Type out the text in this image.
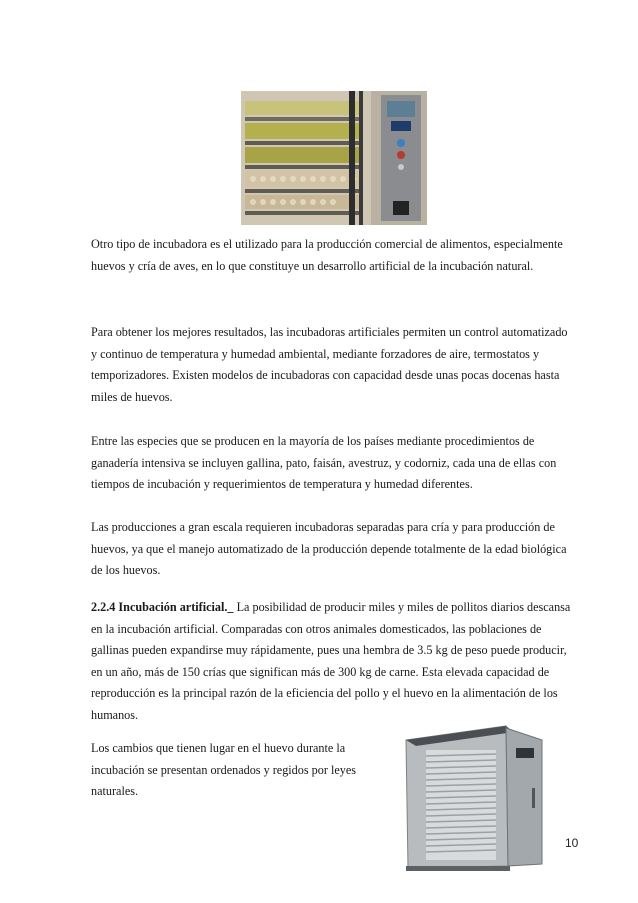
Otro tipo de incubadora es el utilizado para la producción comercial de alimentos, especialmente huevos y cría de aves, en lo que constituye un desarrollo artificial de la incubación natural.

Para obtener los mejores resultados, las incubadoras artificiales permiten un control automatizado y continuo de temperatura y humedad ambiental, mediante forzadores de aire, termostatos y temporizadores. Existen modelos de incubadoras con capacidad desde unas pocas docenas hasta miles de huevos.

Entre las especies que se producen en la mayoría de los países mediante procedimientos de ganadería intensiva se incluyen gallina, pato, faisán, avestruz, y codorniz, cada una de ellas con tiempos de incubación y requerimientos de temperatura y humedad diferentes.

Las producciones a gran escala requieren incubadoras separadas para cría y para producción de huevos, ya que el manejo automatizado de la producción depende totalmente de la edad biológica de los huevos.

2.2.4 Incubación artificial._ La posibilidad de producir miles y miles de pollitos diarios descansa en la incubación artificial. Comparadas con otros animales domesticados, las poblaciones de gallinas pueden expandirse muy rápidamente, pues una hembra de 3.5 kg de peso puede producir, en un año, más de 150 crías que significan más de 300 kg de carne. Esta elevada capacidad de reproducción es la principal razón de la eficiencia del pollo y el huevo en la alimentación de los humanos.

Los cambios que tienen lugar en el huevo durante la incubación se presentan ordenados y regidos por leyes naturales.

10
